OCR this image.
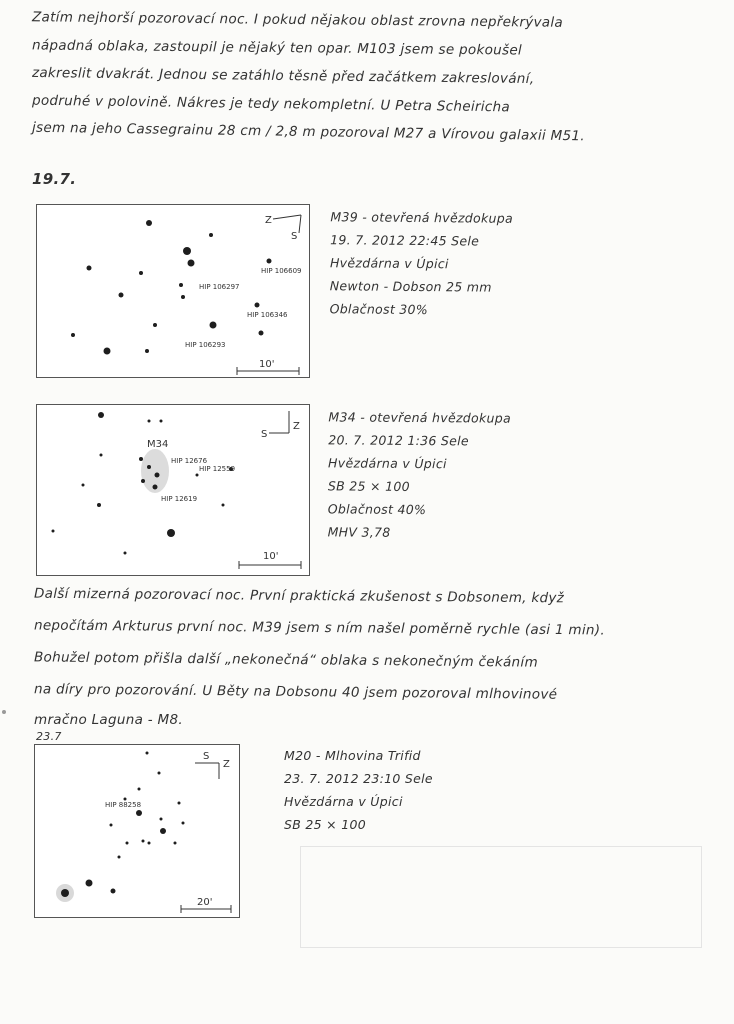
Zatím nejhorší pozorovací noc. I pokud nějakou oblast zrovna nepřekrývala
nápadná oblaka, zastoupil je nějaký ten opar. M103 jsem se pokoušel
zakreslit dvakrát. Jednou se zatáhlo těsně před začátkem zakreslování,
podruhé v polovině. Nákres je tedy nekompletní. U Petra Scheiricha
jsem na jeho Cassegrainu 28 cm / 2,8 m pozoroval M27 a Vírovou galaxii M51.
19.7.
HIP 106609
HIP 106297
HIP 106346
HIP 106293
Z
S
10'
M39 - otevřená hvězdokupa
19. 7. 2012 22:45 Sele
Hvězdárna v Úpici
Newton - Dobson 25 mm
Oblačnost 30%
M34
HIP 12559
HIP 12676
HIP 12619
S
Z
10'
M34 - otevřená hvězdokupa
20. 7. 2012 1:36 Sele
Hvězdárna v Úpici
SB 25 × 100
Oblačnost 40%
MHV 3,78
Další mizerná pozorovací noc. První praktická zkušenost s Dobsonem, když
nepočítám Arkturus první noc. M39 jsem s ním našel poměrně rychle (asi 1 min).
Bohužel potom přišla další „nekonečná“ oblaka s nekonečným čekáním
na díry pro pozorování. U Běty na Dobsonu 40 jsem pozoroval mlhovinové
mračno Laguna - M8.
23.7
HIP 88258
S
Z
20'
M20 - Mlhovina Trifid
23. 7. 2012 23:10 Sele
Hvězdárna v Úpici
SB 25 × 100
